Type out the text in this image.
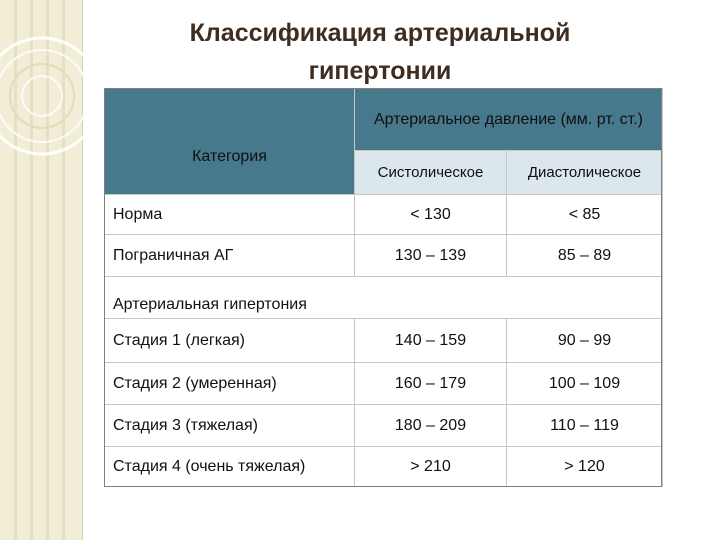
Классификация артериальной гипертонии
Категория	Артериальное давление (мм. рт. ст.)	
	Систолическое	Диастолическое
Норма	< 130	< 85
Пограничная АГ	130 – 139	85 – 89
Артериальная гипертония		
Стадия 1 (легкая)	140 – 159	90 – 99
Стадия 2 (умеренная)	160 – 179	100 – 109
Стадия 3 (тяжелая)	180 – 209	110 – 119
Стадия 4 (очень тяжелая)	> 210	> 120
